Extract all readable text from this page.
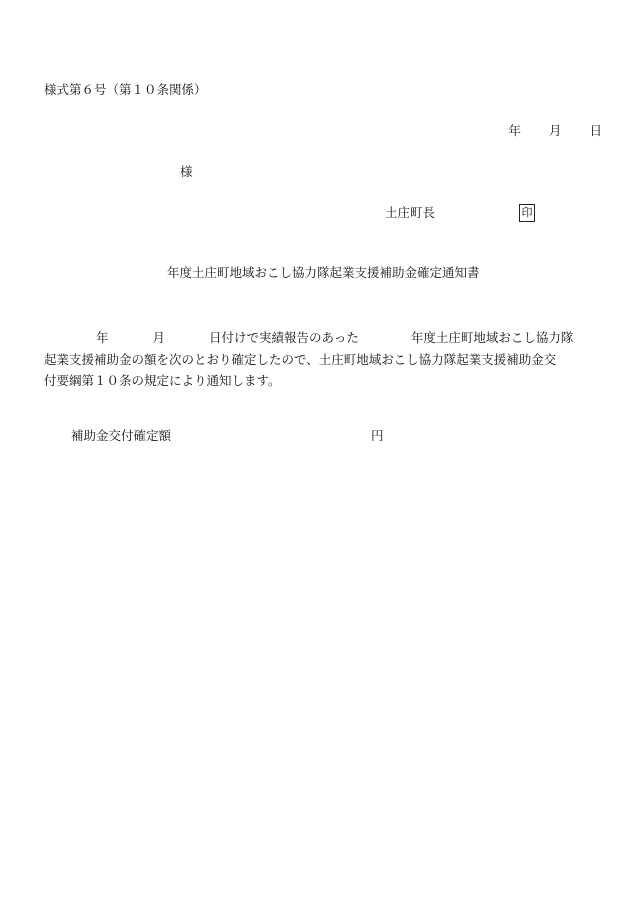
様式第６号（第１０条関係）
年 月 日
様
土庄町長	印
年度土庄町地域おこし協力隊起業支援補助金確定通知書
年	月	日付けで実績報告のあった	年度土庄町地域おこし協力隊
起業支援補助金の額を次のとおり確定したので、土庄町地域おこし協力隊起業支援補助金交
付要綱第１０条の規定により通知します。
補助金交付確定額	円
